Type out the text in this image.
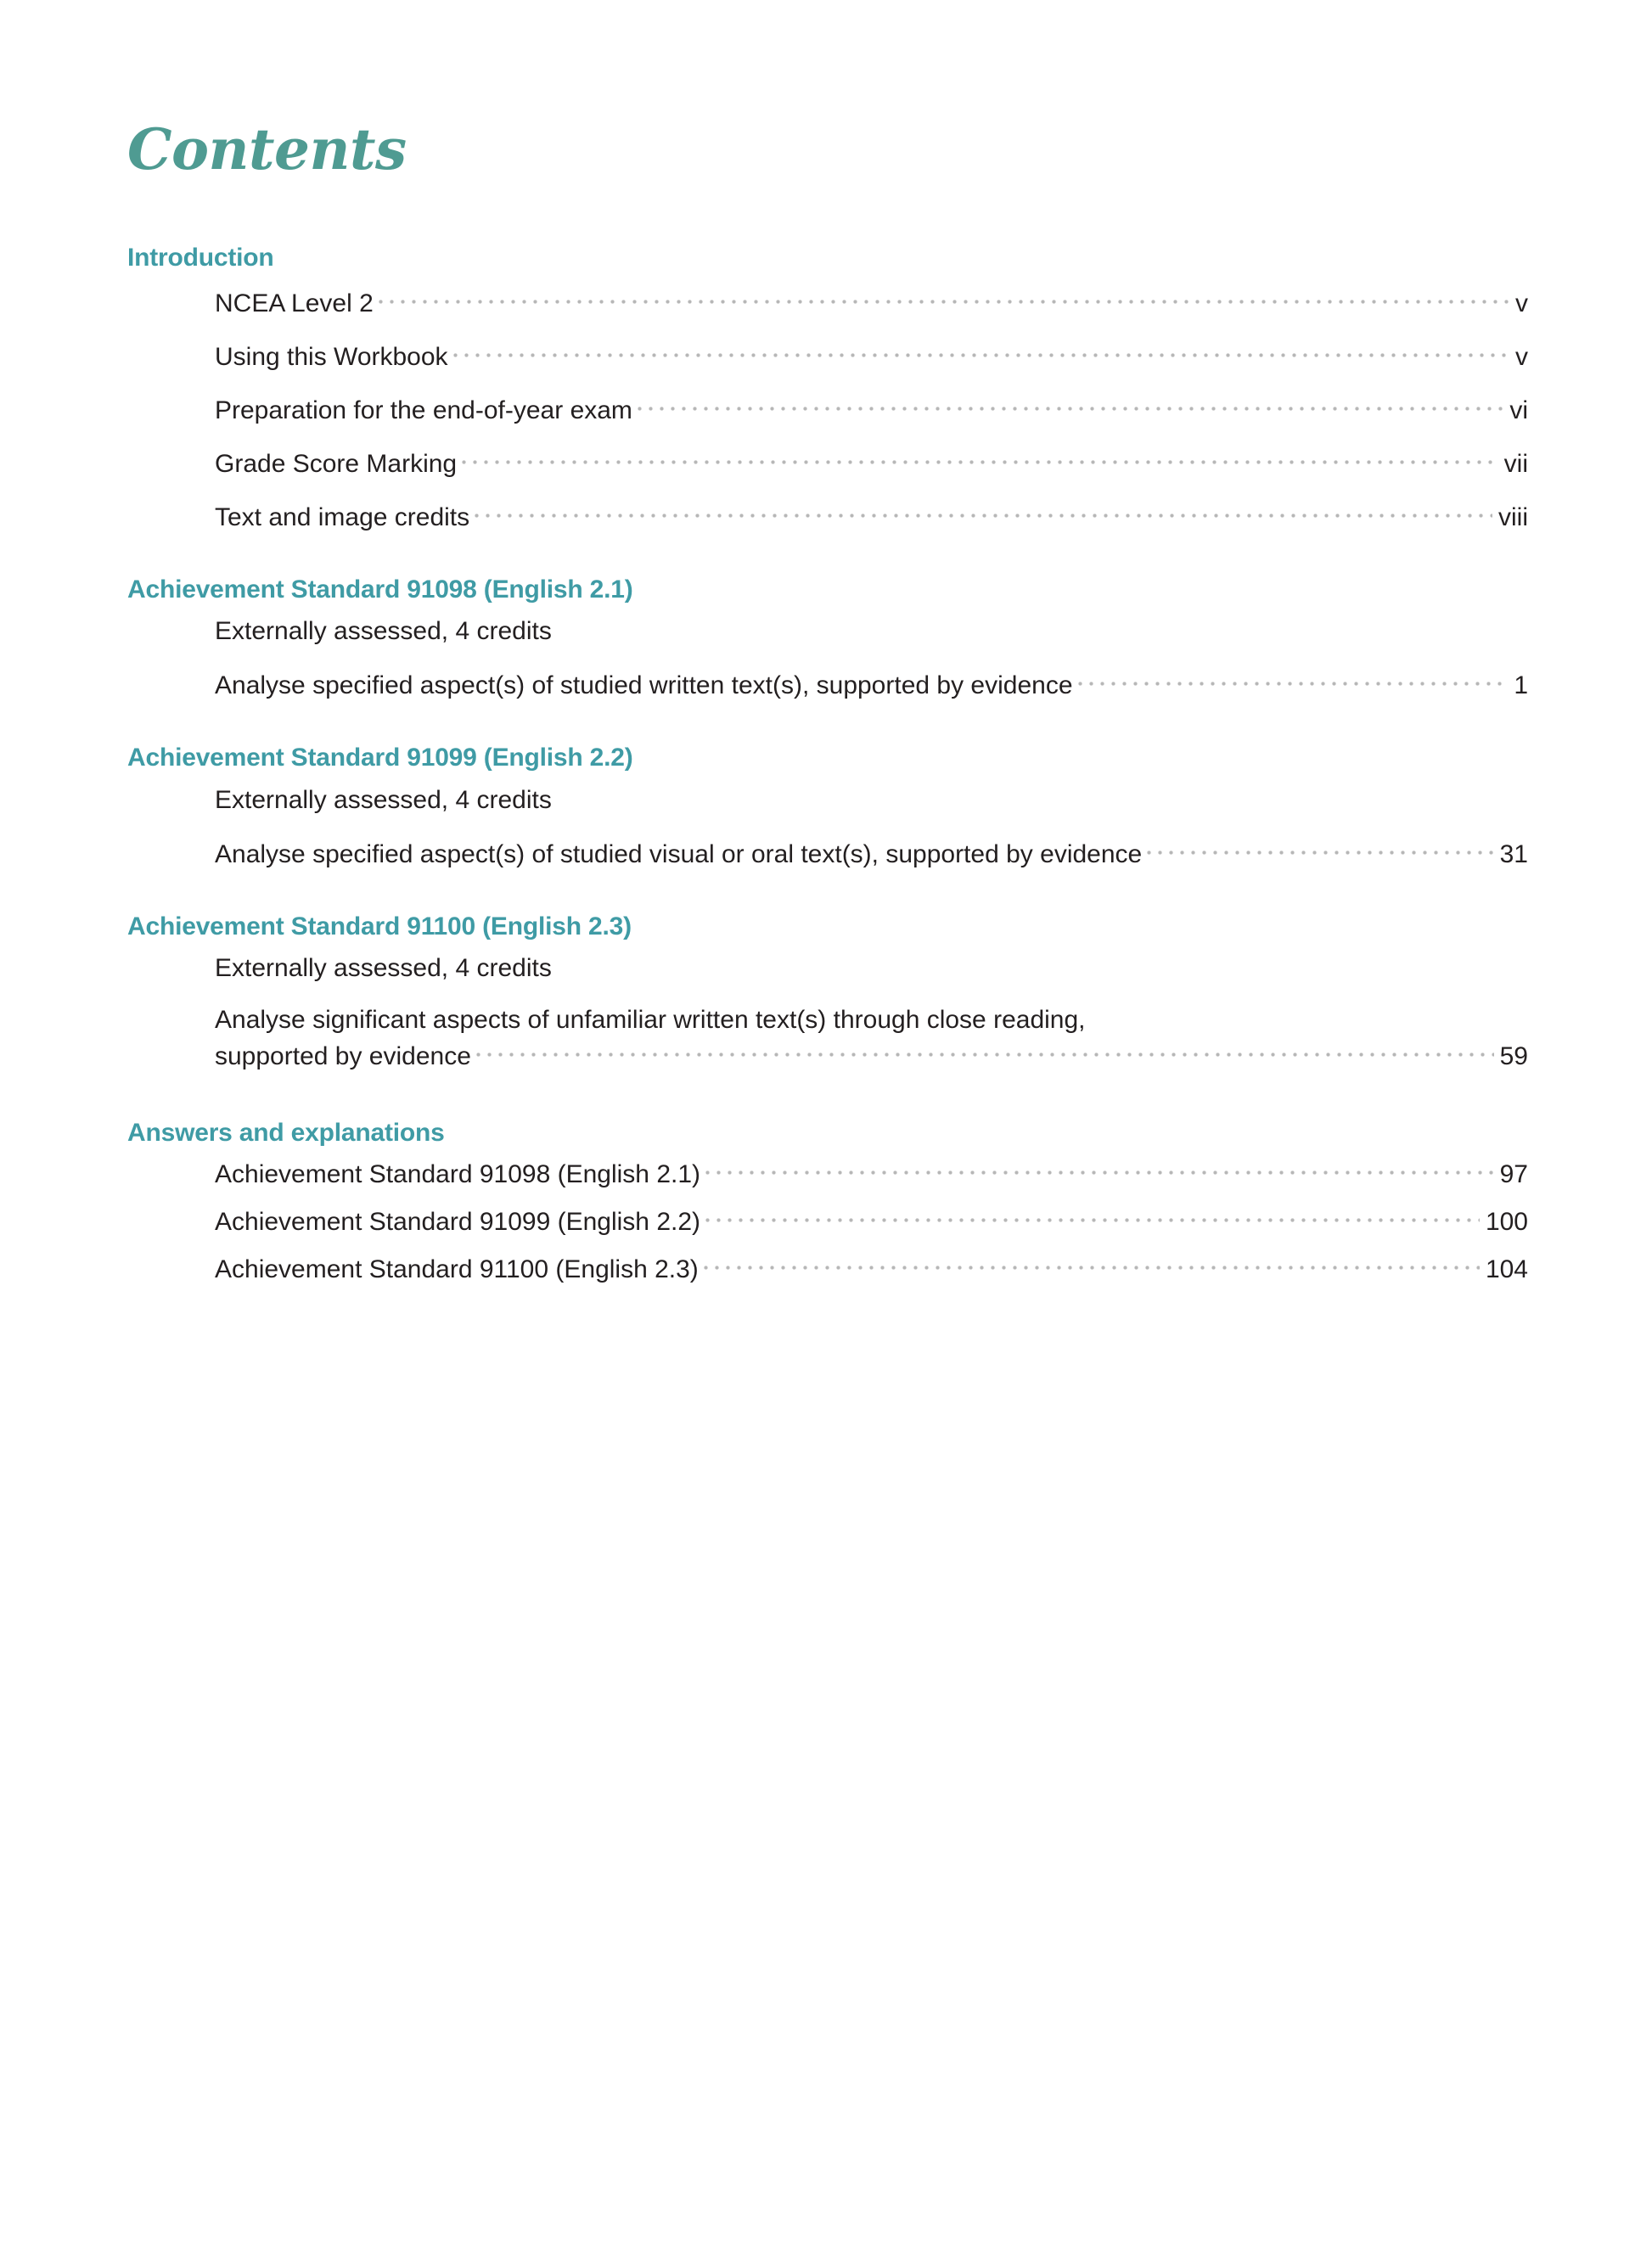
Contents
Introduction
NCEA Level 2	v
Using this Workbook	v
Preparation for the end-of-year exam	vi
Grade Score Marking	vii
Text and image credits	viii
Achievement Standard 91098 (English 2.1)
Externally assessed, 4 credits
Analyse specified aspect(s) of studied written text(s), supported by evidence	1
Achievement Standard 91099 (English 2.2)
Externally assessed, 4 credits
Analyse specified aspect(s) of studied visual or oral text(s), supported by evidence	31
Achievement Standard 91100 (English 2.3)
Externally assessed, 4 credits
Analyse significant aspects of unfamiliar written text(s) through close reading,
supported by evidence	59
Answers and explanations
Achievement Standard 91098 (English 2.1)	97
Achievement Standard 91099 (English 2.2)	100
Achievement Standard 91100 (English 2.3)	104
